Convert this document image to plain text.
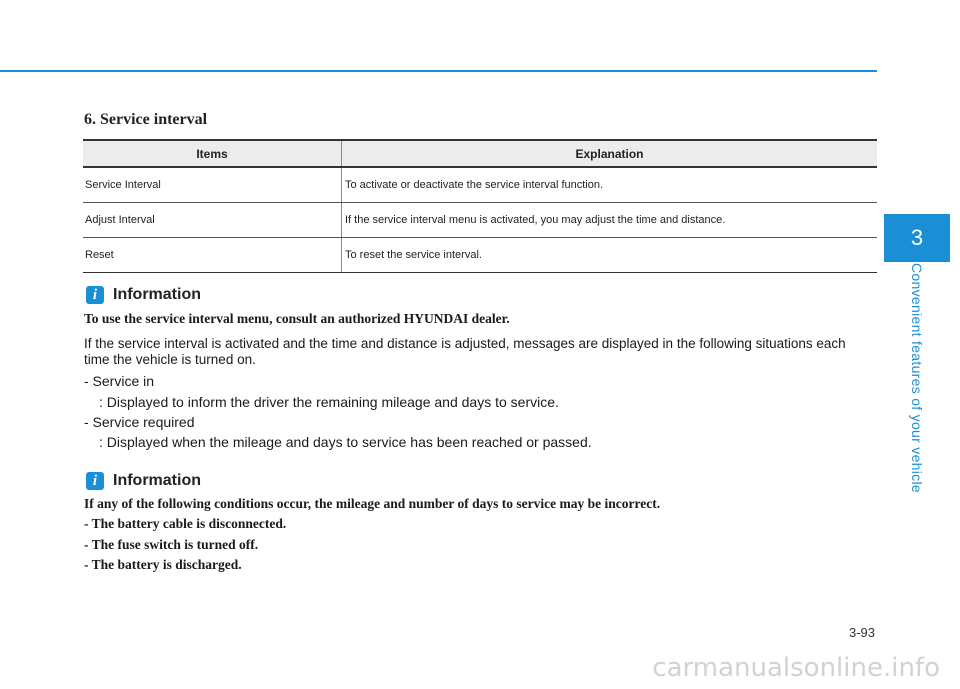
6. Service interval
Items	Explanation
Service Interval	To activate or deactivate the service interval function.
Adjust Interval	If the service interval menu is activated, you may adjust the time and distance.
Reset	To reset the service interval.
i Information

To use the service interval menu, consult an authorized HYUNDAI dealer.

If the service interval is activated and the time and distance is adjusted, messages are displayed in the following situations each time the vehicle is turned on.

- Service in

: Displayed to inform the driver the remaining mileage and days to service.

- Service required

: Displayed when the mileage and days to service has been reached or passed.

i Information

If any of the following conditions occur, the mileage and number of days to service may be incorrect.

- The battery cable is disconnected.

- The fuse switch is turned off.

- The battery is discharged.

3
Convenient features of your vehicle

3-93

carmanualsonline.info
